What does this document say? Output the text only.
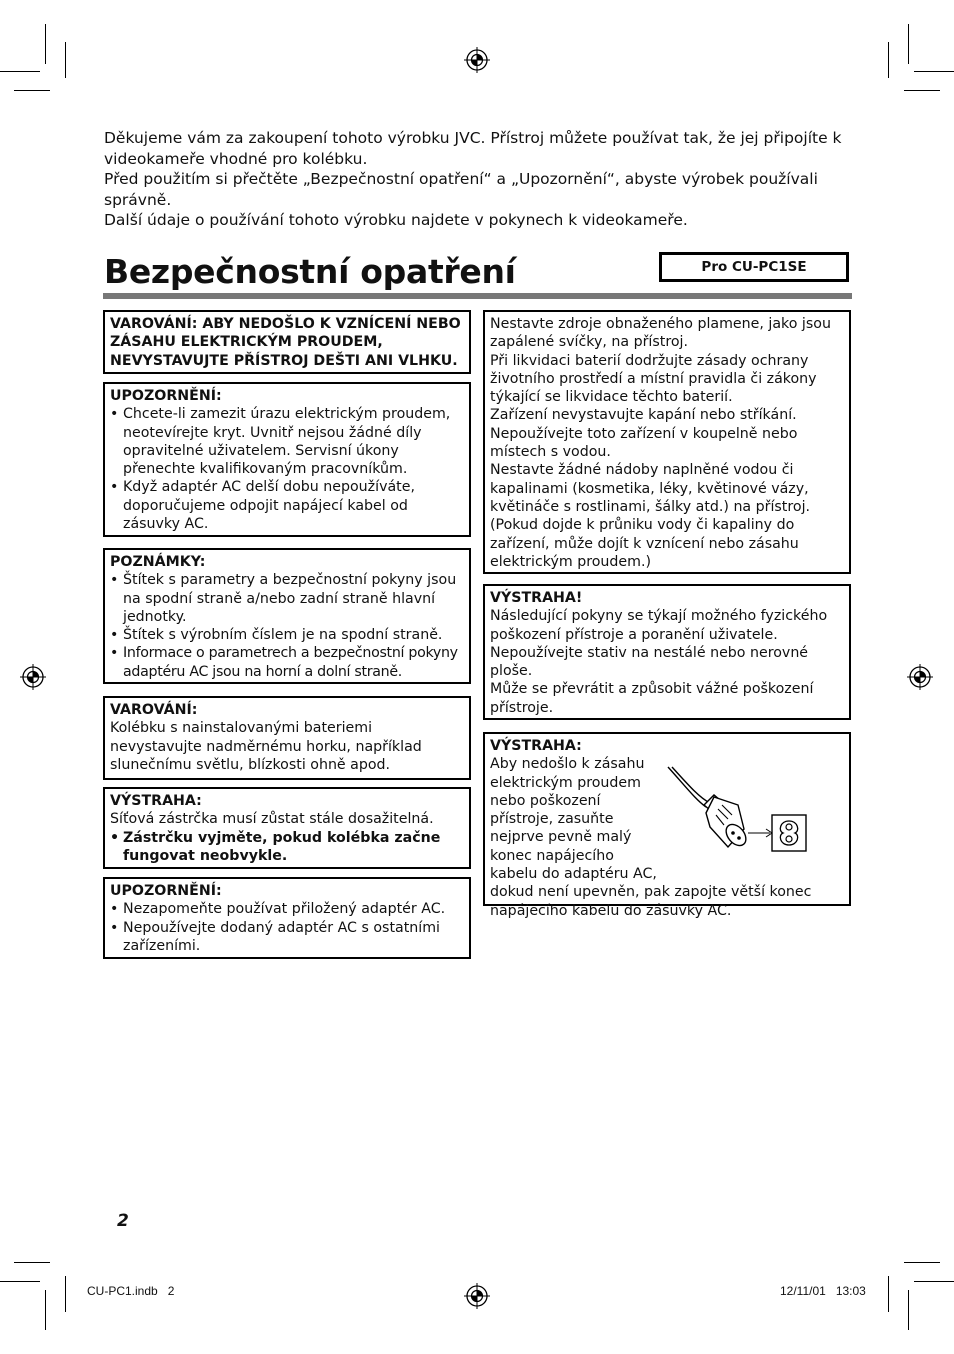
Děkujeme vám za zakoupení tohoto výrobku JVC. Přístroj můžete používat tak, že jej připojíte k videokameře vhodné pro kolébku.

Před použitím si přečtěte „Bezpečnostní opatření“ a „Upozornění“, abyste výrobek používali správně.

Další údaje o používání tohoto výrobku najdete v pokynech k videokameře.

Bezpečnostní opatření	Pro CU-PC1SE

VAROVÁNÍ: ABY NEDOŠLO K VZNÍCENÍ NEBO ZÁSAHU ELEKTRICKÝM PROUDEM, NEVYSTAVUJTE PŘÍSTROJ DEŠTI ANI VLHKU.

UPOZORNĚNÍ:

• Chcete-li zamezit úrazu elektrickým proudem, neotevírejte kryt. Uvnitř nejsou žádné díly opravitelné uživatelem. Servisní úkony přenechte kvalifikovaným pracovníkům.
• Když adaptér AC delší dobu nepoužíváte, doporučujeme odpojit napájecí kabel od zásuvky AC.

POZNÁMKY:

• Štítek s parametry a bezpečnostní pokyny jsou na spodní straně a/nebo zadní straně hlavní jednotky.
• Štítek s výrobním číslem je na spodní straně.
• Informace o parametrech a bezpečnostní pokyny adaptéru AC jsou na horní a dolní straně.

VAROVÁNÍ:

Kolébku s nainstalovanými bateriemi nevystavujte nadměrnému horku, například slunečnímu světlu, blízkosti ohně apod.

VÝSTRAHA:

Síťová zástrčka musí zůstat stále dosažitelná.

• Zástrčku vyjměte, pokud kolébka začne fungovat neobvykle.

UPOZORNĚNÍ:

• Nezapomeňte používat přiložený adaptér AC.
• Nepoužívejte dodaný adaptér AC s ostatními zařízeními.

Nestavte zdroje obnaženého plamene, jako jsou zapálené svíčky, na přístroj.

Při likvidaci baterií dodržujte zásady ochrany životního prostředí a místní pravidla či zákony týkající se likvidace těchto baterií.

Zařízení nevystavujte kapání nebo stříkání.

Nepoužívejte toto zařízení v koupelně nebo místech s vodou.

Nestavte žádné nádoby naplněné vodou či kapalinami (kosmetika, léky, květinové vázy, květináče s rostlinami, šálky atd.) na přístroj. (Pokud dojde k průniku vody či kapaliny do zařízení, může dojít k vznícení nebo zásahu elektrickým proudem.)

VÝSTRAHA!

Následující pokyny se týkají možného fyzického poškození přístroje a poranění uživatele.

Nepoužívejte stativ na nestálé nebo nerovné ploše.

Může se převrátit a způsobit vážné poškození přístroje.

VÝSTRAHA:

Aby nedošlo k zásahu elektrickým proudem nebo poškození přístroje, zasuňte nejprve pevně malý konec napájecího kabelu do adaptéru AC, dokud není upevněn, pak zapojte větší konec napájecího kabelu do zásuvky AC.

2
CU-PC1.indb   2	12/11/01   13:03
